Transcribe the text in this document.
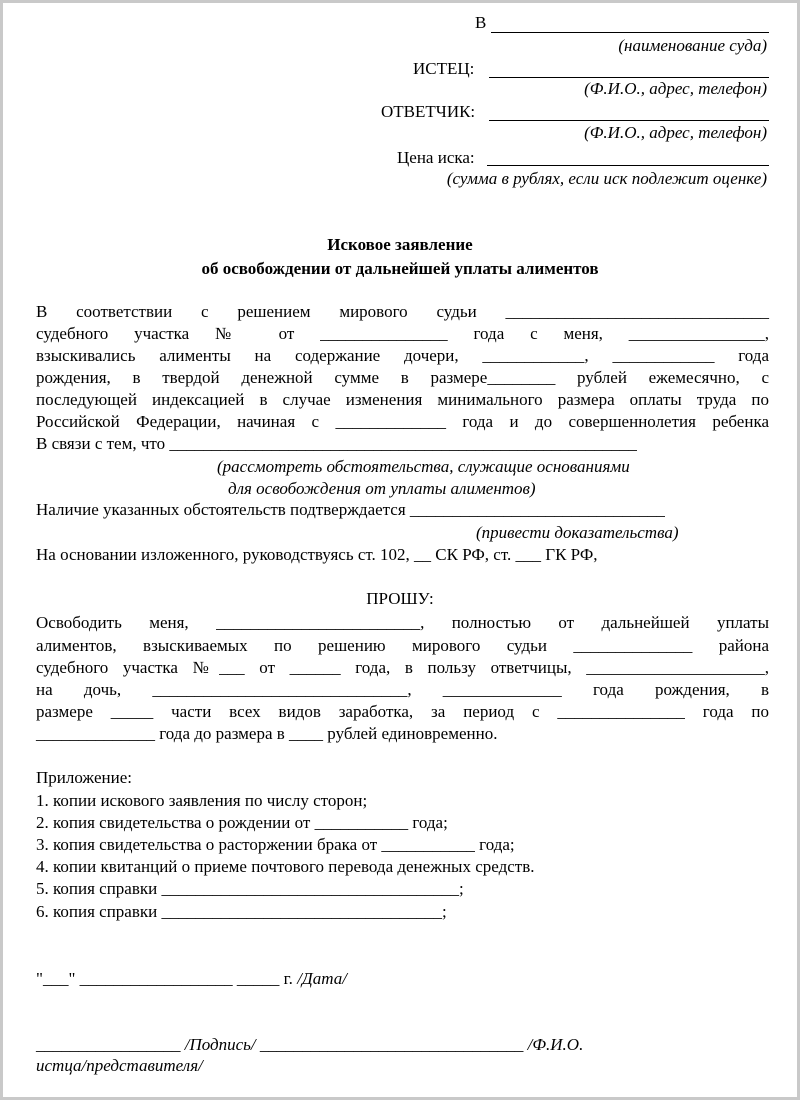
В
(наименование суда)
ИСТЕЦ:
(Ф.И.О., адрес, телефон)
ОТВЕТЧИК:
(Ф.И.О., адрес, телефон)
Цена иска:
(сумма в рублях, если иск подлежит оценке)
Исковое заявление
об освобождении от дальнейшей уплаты алиментов
В соответствии с решением мирового судьи _______________________________
судебного участка № от _______________ года с меня, ________________,
взыскивались алименты на содержание дочери, ____________, ____________ года
рождения, в твердой денежной сумме в размере________ рублей ежемесячно, с
последующей индексацией в случае изменения минимального размера оплаты труда по
Российской Федерации, начиная с _____________ года и до совершеннолетия ребенка
В связи с тем, что _______________________________________________________
(рассмотреть обстоятельства, служащие основаниями
для освобождения от уплаты алиментов)
Наличие указанных обстоятельств подтверждается ______________________________
(привести доказательства)
На основании изложенного, руководствуясь ст. 102, __ СК РФ, ст. ___ ГК РФ,
ПРОШУ:
Освободить меня, ________________________, полностью от дальнейшей уплаты
алиментов, взыскиваемых по решению мирового судьи ______________ района
судебного участка №___ от ______ года, в пользу ответчицы, _____________________,
на дочь, ______________________________, ______________ года рождения, в
размере _____ части всех видов заработка, за период с _______________ года по
______________ года до размера в ____ рублей единовременно.
Приложение:
1. копии искового заявления по числу сторон;
2. копия свидетельства о рождении от ___________ года;
3. копия свидетельства о расторжении брака от ___________ года;
4. копии квитанций о приеме почтового перевода денежных средств.
5. копия справки ___________________________________;
6. копия справки _________________________________;
"___" __________________ _____ г. /Дата/
_________________ /Подпись/ _______________________________ /Ф.И.О.
истца/представителя/
